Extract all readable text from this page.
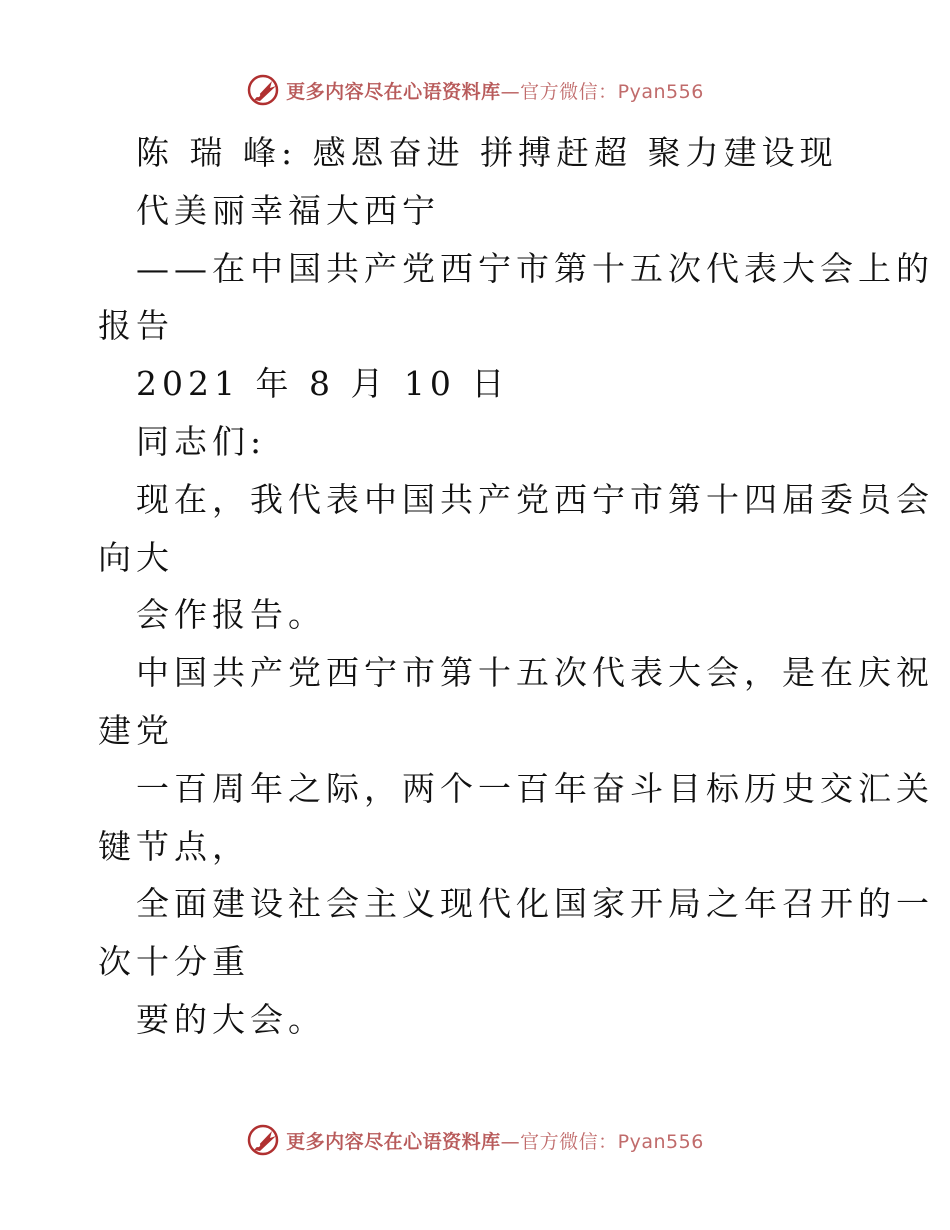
更多内容尽在心语资料库—官方微信：Pyan556
陈 瑞 峰: 感恩奋进 拼搏赶超 聚力建设现
代美丽幸福大西宁
——在中国共产党西宁市第十五次代表大会上的
报告
2021 年 8 月 10 日
同志们:
现在，我代表中国共产党西宁市第十四届委员会
向大
会作报告。
中国共产党西宁市第十五次代表大会，是在庆祝
建党
一百周年之际，两个一百年奋斗目标历史交汇关
键节点，
全面建设社会主义现代化国家开局之年召开的一
次十分重
要的大会。
更多内容尽在心语资料库—官方微信：Pyan556
